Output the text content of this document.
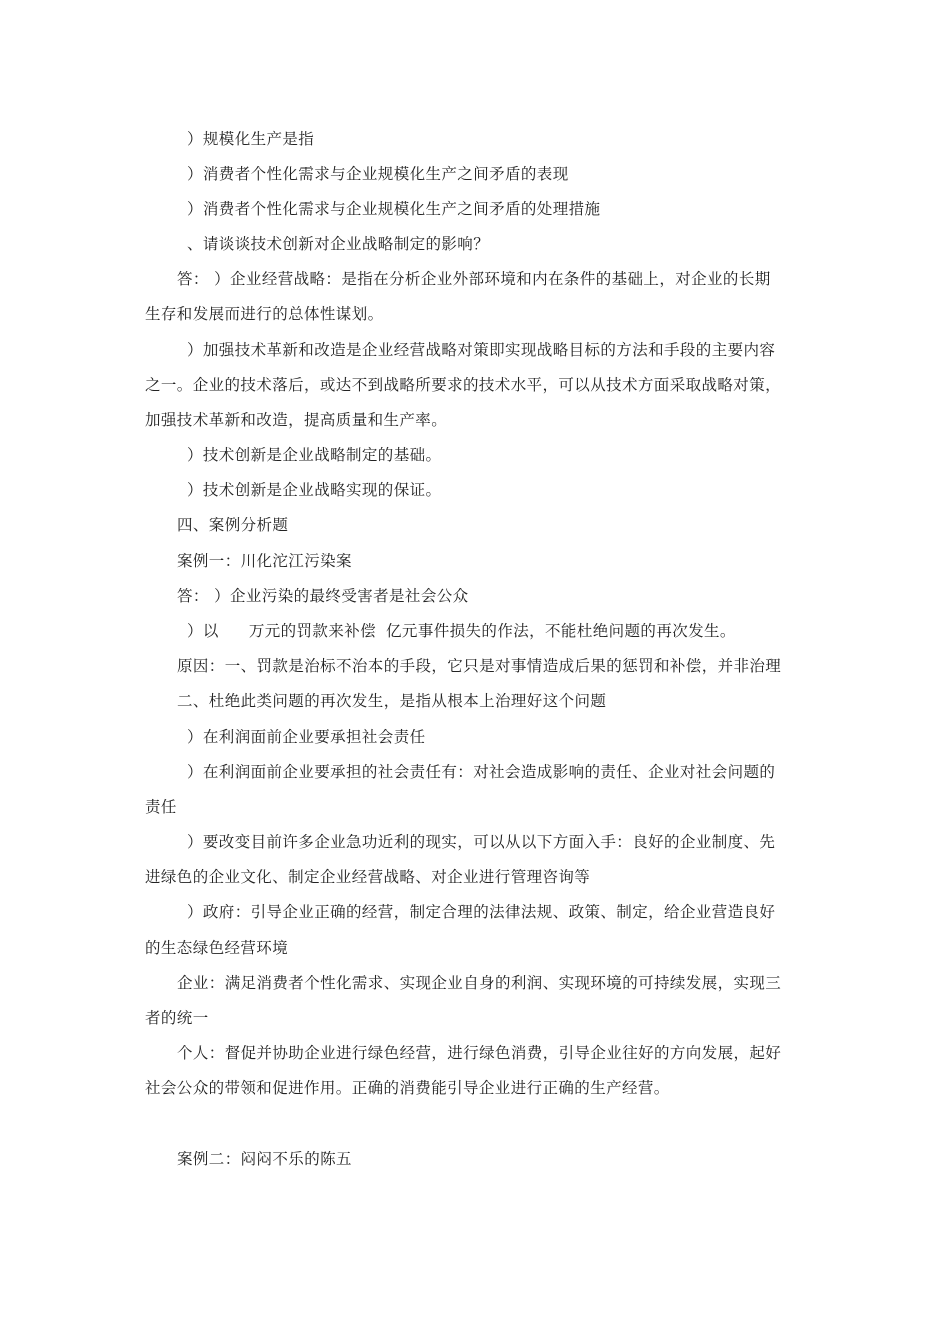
）规模化生产是指
）消费者个性化需求与企业规模化生产之间矛盾的表现
）消费者个性化需求与企业规模化生产之间矛盾的处理措施
、请谈谈技术创新对企业战略制定的影响？
答： ）企业经营战略：是指在分析企业外部环境和内在条件的基础上，对企业的长期
生存和发展而进行的总体性谋划。
）加强技术革新和改造是企业经营战略对策即实现战略目标的方法和手段的主要内容
之一。企业的技术落后，或达不到战略所要求的技术水平，可以从技术方面采取战略对策，
加强技术革新和改造，提高质量和生产率。
）技术创新是企业战略制定的基础。
）技术创新是企业战略实现的保证。
四、案例分析题
案例一：川化沱江污染案
答： ）企业污染的最终受害者是社会公众
）以 万元的罚款来补偿 亿元事件损失的作法，不能杜绝问题的再次发生。
原因：一、罚款是治标不治本的手段，它只是对事情造成后果的惩罚和补偿，并非治理
二、杜绝此类问题的再次发生，是指从根本上治理好这个问题
）在利润面前企业要承担社会责任
）在利润面前企业要承担的社会责任有：对社会造成影响的责任、企业对社会问题的
责任
）要改变目前许多企业急功近利的现实，可以从以下方面入手：良好的企业制度、先
进绿色的企业文化、制定企业经营战略、对企业进行管理咨询等
）政府：引导企业正确的经营，制定合理的法律法规、政策、制定，给企业营造良好
的生态绿色经营环境
企业：满足消费者个性化需求、实现企业自身的利润、实现环境的可持续发展，实现三
者的统一
个人：督促并协助企业进行绿色经营，进行绿色消费，引导企业往好的方向发展，起好
社会公众的带领和促进作用。正确的消费能引导企业进行正确的生产经营。
案例二：闷闷不乐的陈五
